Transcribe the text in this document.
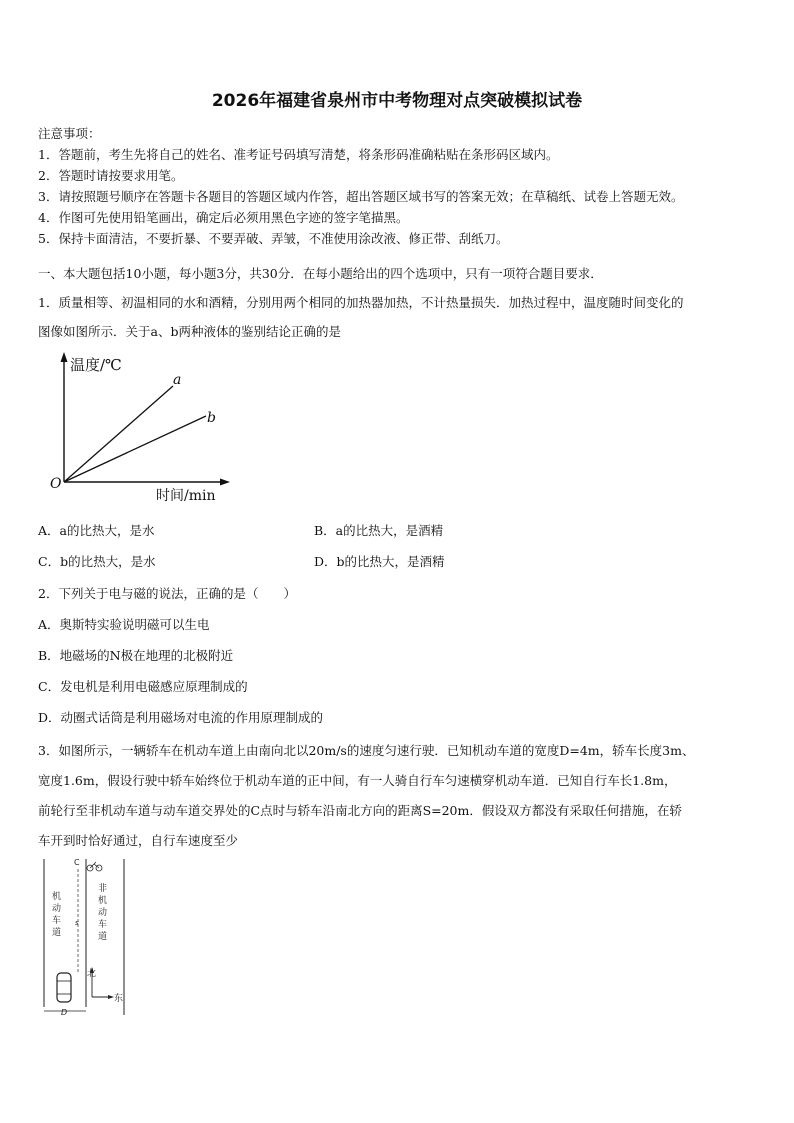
2026年福建省泉州市中考物理对点突破模拟试卷
注意事项：
1．答题前，考生先将自己的姓名、准考证号码填写清楚，将条形码准确粘贴在条形码区域内。
2．答题时请按要求用笔。
3．请按照题号顺序在答题卡各题目的答题区域内作答，超出答题区域书写的答案无效；在草稿纸、试卷上答题无效。
4．作图可先使用铅笔画出，确定后必须用黑色字迹的签字笔描黑。
5．保持卡面清洁，不要折暴、不要弄破、弄皱，不准使用涂改液、修正带、刮纸刀。
一、本大题包括10小题，每小题3分，共30分．在每小题给出的四个选项中，只有一项符合题目要求．
1．质量相等、初温相同的水和酒精，分别用两个相同的加热器加热，不计热量损失．加热过程中，温度随时间变化的
图像如图所示．关于a、b两种液体的鉴别结论正确的是
温度/℃
时间/min
O
a
b
A．a的比热大，是水	B．a的比热大，是酒精
C．b的比热大，是水	D．b的比热大，是酒精
2．下列关于电与磁的说法，正确的是（　　）
A．奥斯特实验说明磁可以生电
B．地磁场的N极在地理的北极附近
C．发电机是利用电磁感应原理制成的
D．动圈式话筒是利用磁场对电流的作用原理制成的
3．如图所示，一辆轿车在机动车道上由南向北以20m/s的速度匀速行驶．已知机动车道的宽度D=4m，轿车长度3m、
宽度1.6m，假设行驶中轿车始终位于机动车道的正中间，有一人骑自行车匀速横穿机动车道．已知自行车长1.8m，
前轮行至非机动车道与动车道交界处的C点时与轿车沿南北方向的距离S=20m．假设双方都没有采取任何措施，在轿
车开到时恰好通过，自行车速度至少
C
s
机
动
车
道
非
机
动
车
道
北
东
D
